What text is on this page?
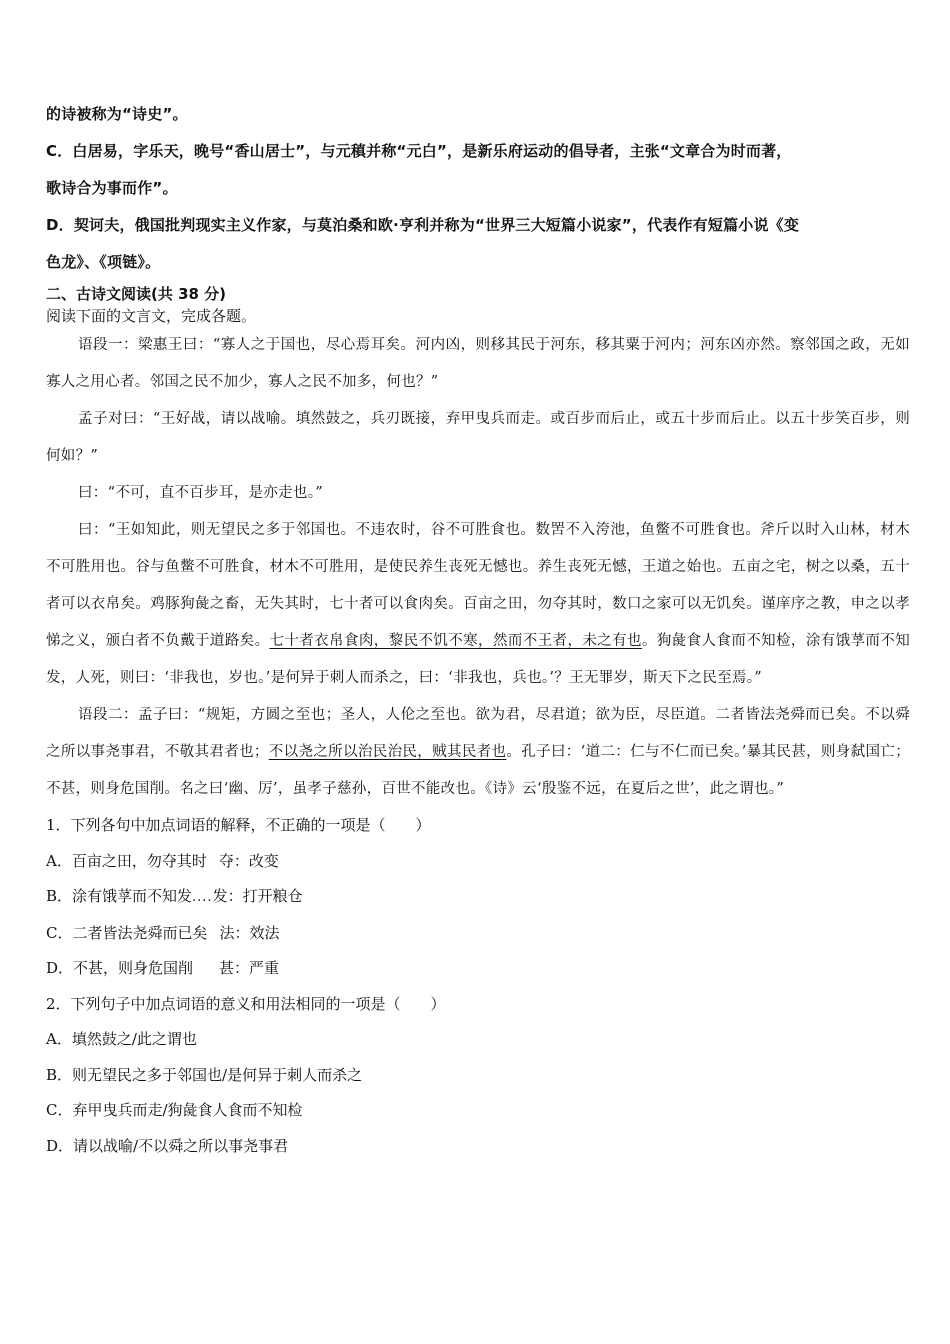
的诗被称为“诗史”。
C．白居易，字乐天，晚号“香山居士”，与元稹并称“元白”，是新乐府运动的倡导者，主张“文章合为时而著，
歌诗合为事而作”。
D．契诃夫，俄国批判现实主义作家，与莫泊桑和欧·亨利并称为“世界三大短篇小说家”，代表作有短篇小说《变
色龙》、《项链》。
二、古诗文阅读(共 38 分)
阅读下面的文言文，完成各题。
语段一：梁惠王曰：“寡人之于国也，尽心焉耳矣。河内凶，则移其民于河东，移其粟于河内；河东凶亦然。察邻国之政，无如寡人之用心者。邻国之民不加少，寡人之民不加多，何也？”
孟子对曰：“王好战，请以战喻。填然鼓之，兵刃既接，弃甲曳兵而走。或百步而后止，或五十步而后止。以五十步笑百步，则何如？”
曰：“不可，直不百步耳，是亦走也。”
曰：“王如知此，则无望民之多于邻国也。不违农时，谷不可胜食也。数罟不入洿池，鱼鳖不可胜食也。斧斤以时入山林，材木不可胜用也。谷与鱼鳖不可胜食，材木不可胜用，是使民养生丧死无憾也。养生丧死无憾，王道之始也。五亩之宅，树之以桑，五十者可以衣帛矣。鸡豚狗彘之畜，无失其时，七十者可以食肉矣。百亩之田，勿夺其时，数口之家可以无饥矣。谨庠序之教，申之以孝悌之义，颁白者不负戴于道路矣。七十者衣帛食肉，黎民不饥不寒，然而不王者，未之有也。狗彘食人食而不知检，涂有饿莩而不知发，人死，则曰：‘非我也，岁也。’是何异于刺人而杀之，曰：‘非我也，兵也。’？王无罪岁，斯天下之民至焉。”
语段二：孟子曰：“规矩，方圆之至也；圣人，人伦之至也。欲为君，尽君道；欲为臣，尽臣道。二者皆法尧舜而已矣。不以舜之所以事尧事君，不敬其君者也；不以尧之所以治民治民，贼其民者也。孔子曰：‘道二：仁与不仁而已矣。’暴其民甚，则身弑国亡；不甚，则身危国削。名之曰‘幽、厉’，虽孝子慈孙，百世不能改也。《诗》云‘殷鉴不远，在夏后之世’，此之谓也。”
1．下列各句中加点词语的解释，不正确的一项是（　　）
A．百亩之田，勿夺其时 夺：改变
B．涂有饿莩而不知发....发：打开粮仓
C．二者皆法尧舜而已矣 法：效法
D．不甚，则身危国削 甚：严重
2．下列句子中加点词语的意义和用法相同的一项是（　　）
A．填然鼓之/此之谓也
B．则无望民之多于邻国也/是何异于刺人而杀之
C．弃甲曳兵而走/狗彘食人食而不知检
D．请以战喻/不以舜之所以事尧事君
